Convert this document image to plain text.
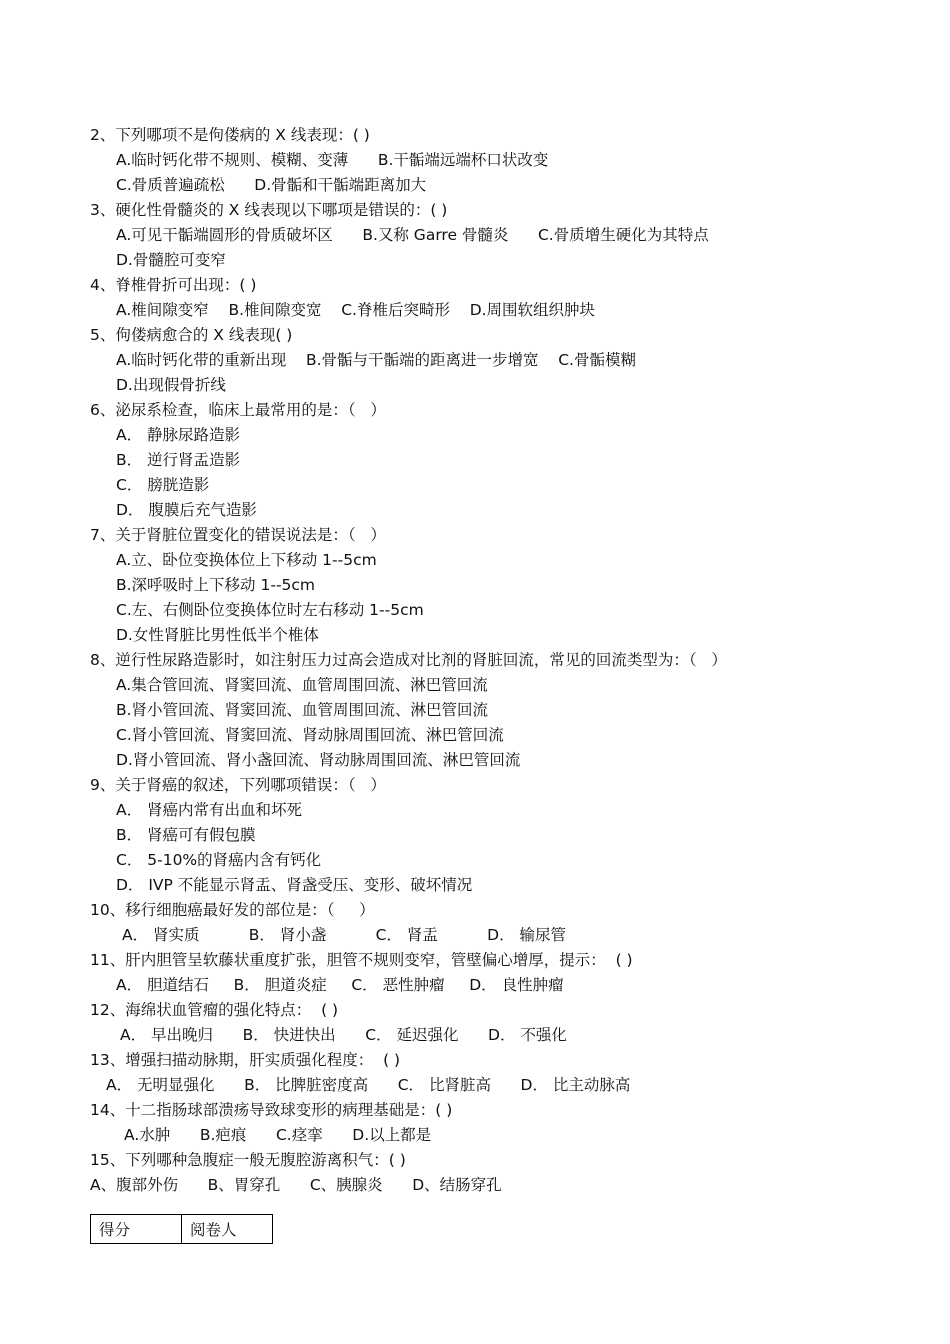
2、下列哪项不是佝偻病的 X 线表现：( )
A.临时钙化带不规则、模糊、变薄      B.干骺端远端杯口状改变
C.骨质普遍疏松      D.骨骺和干骺端距离加大
3、硬化性骨髓炎的 X 线表现以下哪项是错误的：( )
A.可见干骺端圆形的骨质破坏区      B.又称 Garre 骨髓炎      C.骨质增生硬化为其特点
D.骨髓腔可变窄
4、脊椎骨折可出现：( )
A.椎间隙变窄    B.椎间隙变宽    C.脊椎后突畸形    D.周围软组织肿块
5、佝偻病愈合的 X 线表现( )
A.临时钙化带的重新出现    B.骨骺与干骺端的距离进一步增宽    C.骨骺模糊
D.出现假骨折线
6、泌尿系检查，临床上最常用的是：（   ）
A． 静脉尿路造影
B． 逆行肾盂造影
C． 膀胱造影
D． 腹膜后充气造影
7、关于肾脏位置变化的错误说法是：（   ）
A.立、卧位变换体位上下移动 1--5cm
B.深呼吸时上下移动 1--5cm
C.左、右侧卧位变换体位时左右移动 1--5cm
D.女性肾脏比男性低半个椎体
8、逆行性尿路造影时，如注射压力过高会造成对比剂的肾脏回流，常见的回流类型为：（   ）
A.集合管回流、肾窦回流、血管周围回流、淋巴管回流
B.肾小管回流、肾窦回流、血管周围回流、淋巴管回流
C.肾小管回流、肾窦回流、肾动脉周围回流、淋巴管回流
D.肾小管回流、肾小盏回流、肾动脉周围回流、淋巴管回流
9、关于肾癌的叙述，下列哪项错误：（   ）
A． 肾癌内常有出血和坏死
B． 肾癌可有假包膜
C． 5-10%的肾癌内含有钙化
D． IVP 不能显示肾盂、肾盏受压、变形、破坏情况
10、移行细胞癌最好发的部位是：（     ）
A． 肾实质          B． 肾小盏          C． 肾盂          D． 输尿管
11、肝内胆管呈软藤状重度扩张，胆管不规则变窄，管壁偏心增厚，提示：  ( )
A． 胆道结石     B． 胆道炎症     C． 恶性肿瘤     D． 良性肿瘤
12、海绵状血管瘤的强化特点：  ( )
A． 早出晚归      B． 快进快出      C． 延迟强化      D． 不强化
13、增强扫描动脉期，肝实质强化程度：  ( )
A． 无明显强化      B． 比脾脏密度高      C． 比肾脏高      D． 比主动脉高
14、十二指肠球部溃疡导致球变形的病理基础是：( )
A.水肿      B.疤痕      C.痉挛      D.以上都是
15、下列哪种急腹症一般无腹腔游离积气：( )
A、腹部外伤      B、胃穿孔      C、胰腺炎      D、结肠穿孔
得分	阅卷人
